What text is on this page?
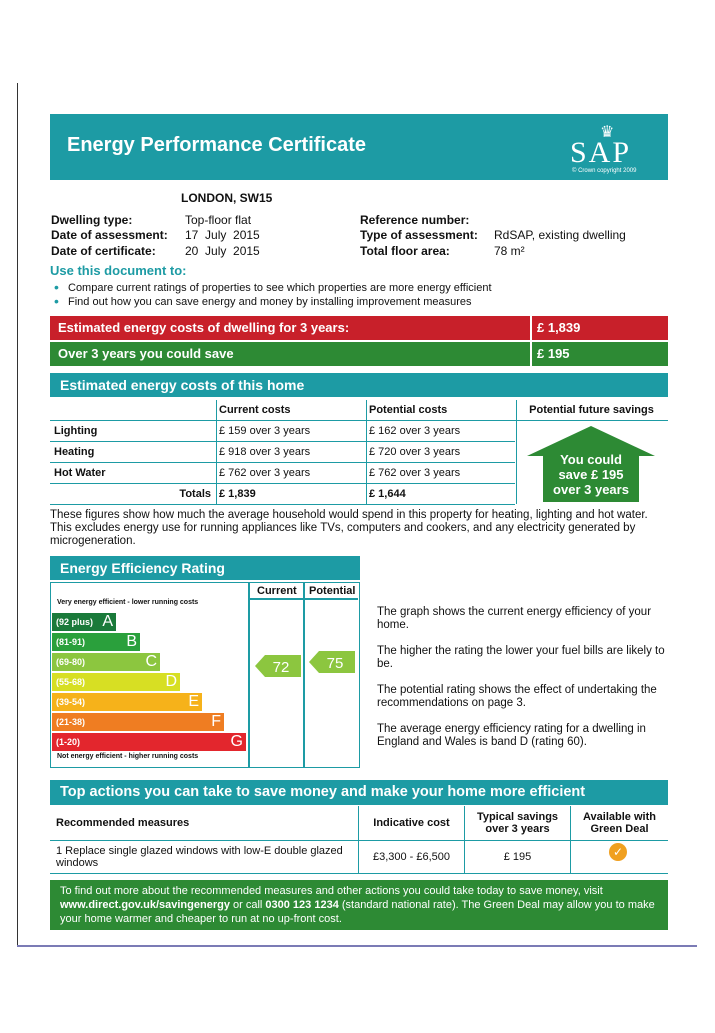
Energy Performance Certificate
♛
SAP
© Crown copyright 2009
LONDON, SW15
Dwelling type:	Top-floor flat
Date of assessment: 17  July  2015
Date of certificate: 20  July  2015
Reference number:
Type of assessment: RdSAP, existing dwelling
Total floor area:	78 m²
Use this document to:
• Compare current ratings of properties to see which properties are more energy efficient
• Find out how you can save energy and money by installing improvement measures
Estimated energy costs of dwelling for 3 years:	£ 1,839
Over 3 years you could save	£ 195
Estimated energy costs of this home
	Current costs	Potential costs	Potential future savings
Lighting	£ 159 over 3 years	£ 162 over 3 years	
Heating	£ 918 over 3 years	£ 720 over 3 years	
Hot Water	£ 762 over 3 years	£ 762 over 3 years	
Totals	£ 1,839	£ 1,644	
You could
save £ 195
over 3 years
These figures show how much the average household would spend in this property for heating, lighting and hot water. This excludes energy use for running appliances like TVs, computers and cookers, and any electricity generated by microgeneration.
Energy Efficiency Rating
Very energy efficient - lower running costs
Not energy efficient - higher running costs
Current Potential
(92 plus) A
(81-91)	B
(69-80)	C
(55-68)	D
(39-54)	E
(21-38)	F
(1-20)	G
72 75
The graph shows the current energy efficiency of your home.
The higher the rating the lower your fuel bills are likely to be.
The potential rating shows the effect of undertaking the recommendations on page 3.
The average energy efficiency rating for a dwelling in England and Wales is band D (rating 60).
Top actions you can take to save money and make your home more efficient
Recommended measures	Indicative cost	Typical savings over 3 years	Available with Green Deal
1 Replace single glazed windows with low-E double glazed windows	£3,300 - £6,500	£ 195		✓
To find out more about the recommended measures and other actions you could take today to save money, visit www.direct.gov.uk/savingenergy or call 0300 123 1234 (standard national rate). The Green Deal may allow you to make your home warmer and cheaper to run at no up-front cost.
